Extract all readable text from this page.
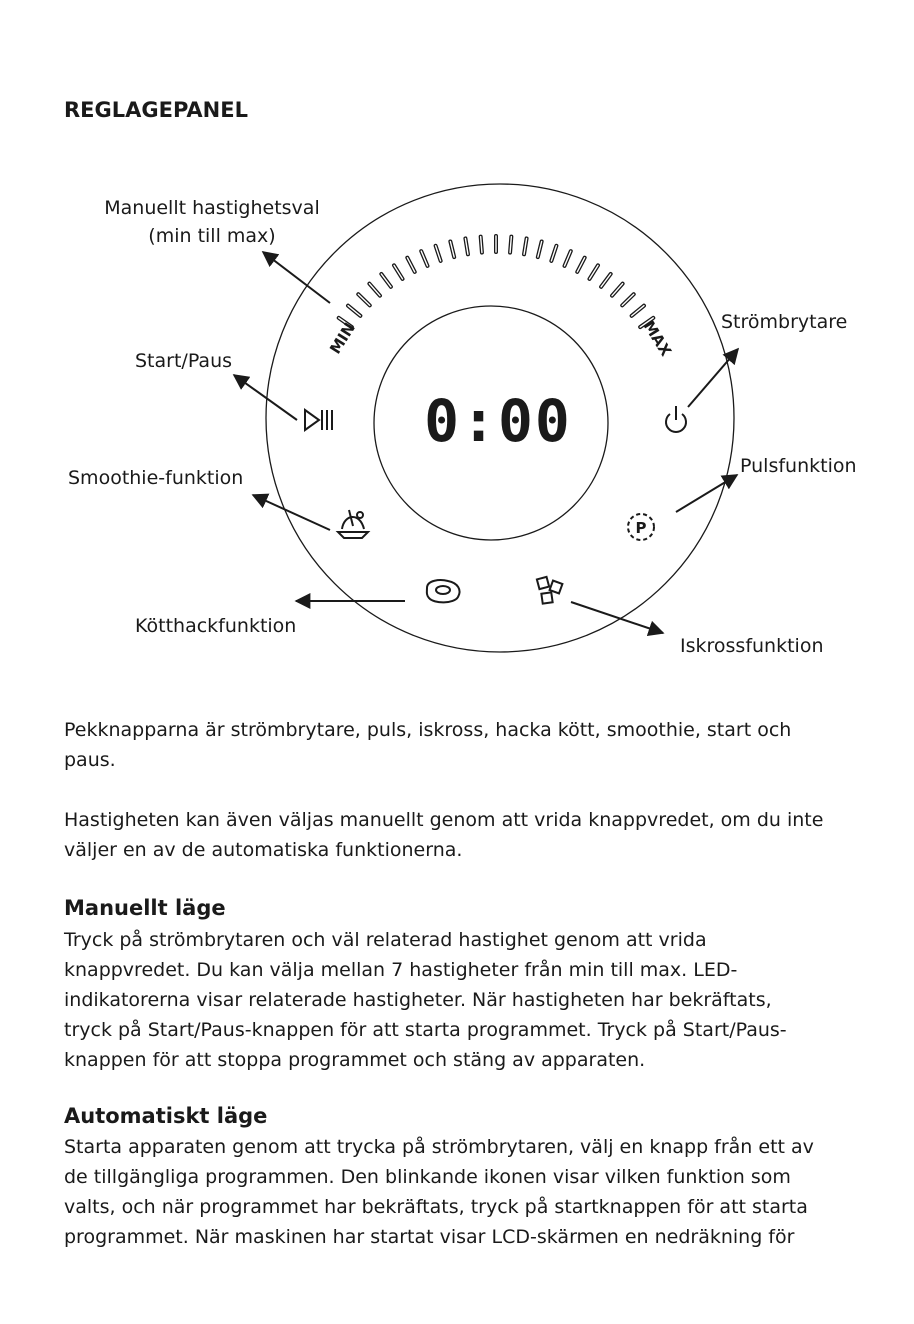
REGLAGEPANEL
MIN	MAX
0:00
P
Manuellt hastighetsval
(min till max)
Start/Paus
Smoothie-funktion
Kötthackfunktion
Iskrossfunktion
Strömbrytare
Pulsfunktion

Pekknapparna är strömbrytare, puls, iskross, hacka kött, smoothie, start och

paus.

Hastigheten kan även väljas manuellt genom att vrida knappvredet, om du inte

väljer en av de automatiska funktionerna.

Manuellt läge

Tryck på strömbrytaren och väl relaterad hastighet genom att vrida

knappvredet. Du kan välja mellan 7 hastigheter från min till max. LED-

indikatorerna visar relaterade hastigheter. När hastigheten har bekräftats,

tryck på Start/Paus-knappen för att starta programmet. Tryck på Start/Paus-

knappen för att stoppa programmet och stäng av apparaten.

Automatiskt läge

Starta apparaten genom att trycka på strömbrytaren, välj en knapp från ett av

de tillgängliga programmen. Den blinkande ikonen visar vilken funktion som

valts, och när programmet har bekräftats, tryck på startknappen för att starta

programmet. När maskinen har startat visar LCD-skärmen en nedräkning för
